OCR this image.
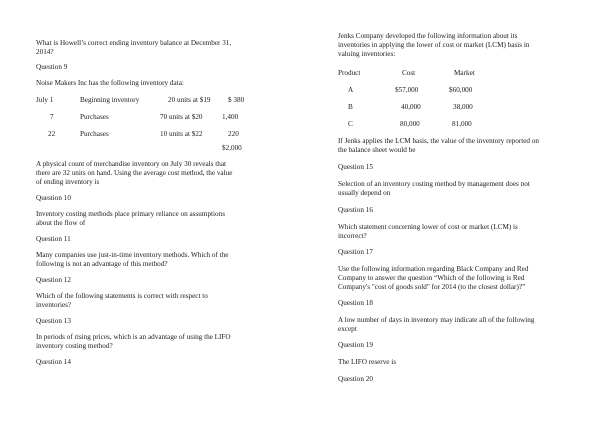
What is Howell’s correct ending inventory balance at December 31,
2014?
Question 9
Noise Makers Inc has the following inventory data:
July 1	Beginning inventory	20 units at $19 $ 380
7	Purchases	70 units at $20	1,400
22	Purchases	10 units at $22	220
$2,000
A physical count of merchandise inventory on July 30 reveals that
there are 32 units on hand. Using the average cost method, the value
of ending inventory is
Question 10
Inventory costing methods place primary reliance on assumptions
about the flow of
Question 11
Many companies use just-in-time inventory methods. Which of the
following is not an advantage of this method?
Question 12
Which of the following statements is correct with respect to
inventories?
Question 13
In periods of rising prices, which is an advantage of using the LIFO
inventory costing method?
Question 14
Jenks Company developed the following information about its
inventories in applying the lower of cost or market (LCM) basis in
valuing inventories:
Product	Cost	Market
A	$57,000	$60,000
B	40,000	38,000
C	80,000	81,000
If Jenks applies the LCM basis, the value of the inventory reported on
the balance sheet would be
Question 15
Selection of an inventory costing method by management does not
usually depend on
Question 16
Which statement concerning lower of cost or market (LCM) is
incorrect?
Question 17
Use the following information regarding Black Company and Red
Company to answer the question “Which of the following is Red
Company's "cost of goods sold" for 2014 (to the closest dollar)?”
Question 18
A low number of days in inventory may indicate all of the following
except
Question 19
The LIFO reserve is
Question 20
